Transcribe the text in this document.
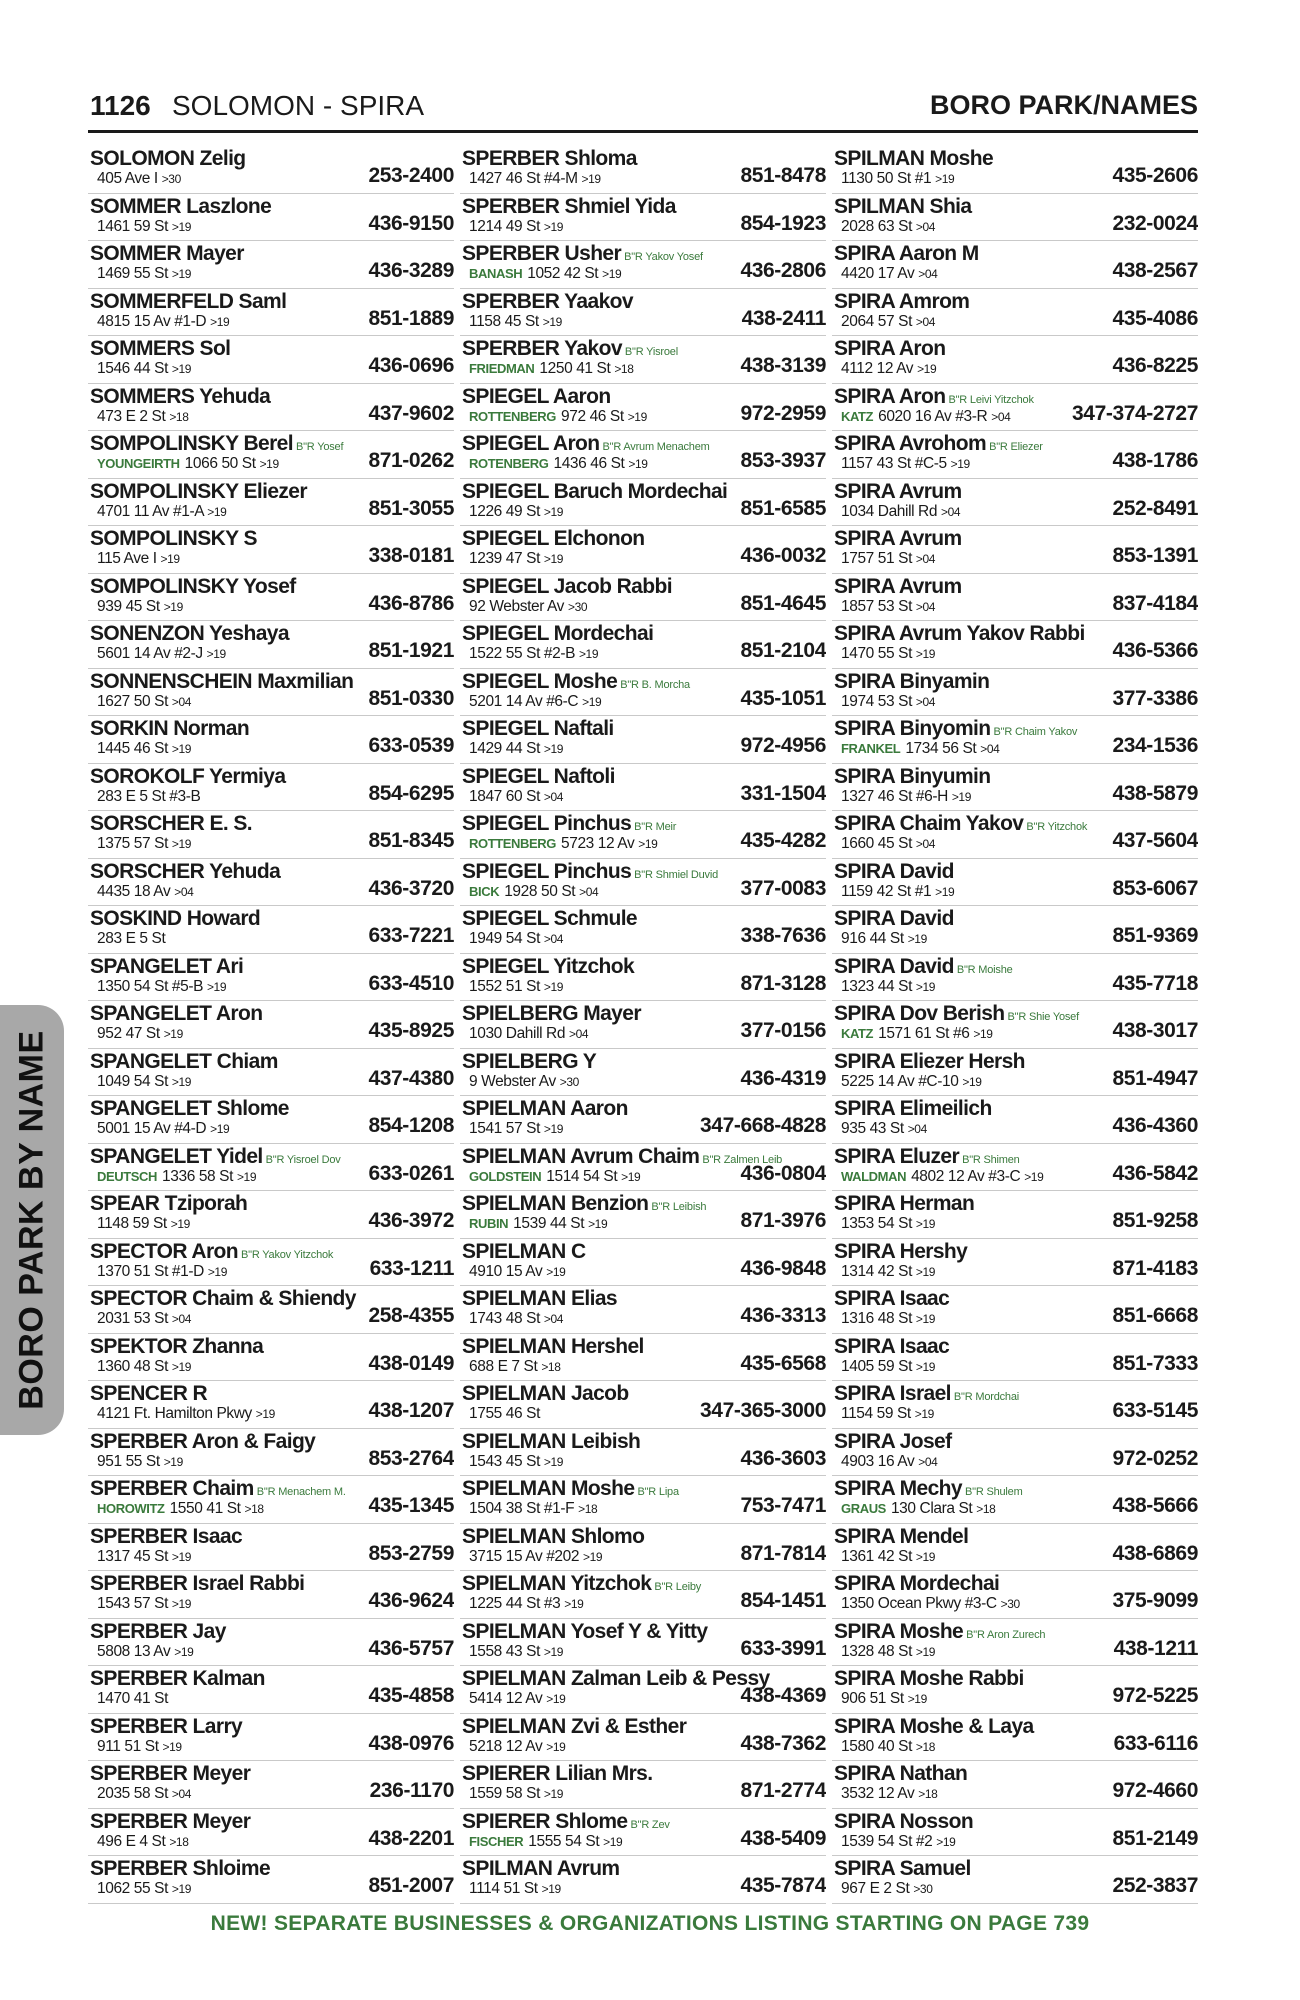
1126 SOLOMON - SPIRA	BORO PARK/NAMES
SOLOMON Zelig
405 Ave I >30	253-2400
SOMMER Laszlone
1461 59 St >19	436-9150
SOMMER Mayer
1469 55 St >19	436-3289
SOMMERFELD Saml
4815 15 Av #1-D >19	851-1889
SOMMERS Sol
1546 44 St >19	436-0696
SOMMERS Yehuda
473 E 2 St >18	437-9602
SOMPOLINSKY Berel B"R Yosef
YOUNGEIRTH 1066 50 St >19	871-0262
SOMPOLINSKY Eliezer
4701 11 Av #1-A >19	851-3055
SOMPOLINSKY S
115 Ave I >19	338-0181
SOMPOLINSKY Yosef
939 45 St >19	436-8786
SONENZON Yeshaya
5601 14 Av #2-J >19	851-1921
SONNENSCHEIN Maxmilian
1627 50 St >04	851-0330
SORKIN Norman
1445 46 St >19	633-0539
SOROKOLF Yermiya
283 E 5 St #3-B	854-6295
SORSCHER E. S.
1375 57 St >19	851-8345
SORSCHER Yehuda
4435 18 Av >04	436-3720
SOSKIND Howard
283 E 5 St	633-7221
SPANGELET Ari
1350 54 St #5-B >19	633-4510
SPANGELET Aron
952 47 St >19	435-8925
SPANGELET Chiam
1049 54 St >19	437-4380
SPANGELET Shlome
5001 15 Av #4-D >19	854-1208
SPANGELET Yidel B"R Yisroel Dov
DEUTSCH 1336 58 St >19	633-0261
SPEAR Tziporah
1148 59 St >19	436-3972
SPECTOR Aron B"R Yakov Yitzchok
1370 51 St #1-D >19	633-1211
SPECTOR Chaim & Shiendy
2031 53 St >04	258-4355
SPEKTOR Zhanna
1360 48 St >19	438-0149
SPENCER R
4121 Ft. Hamilton Pkwy >19	438-1207
SPERBER Aron & Faigy
951 55 St >19	853-2764
SPERBER Chaim B"R Menachem M.
HOROWITZ 1550 41 St >18	435-1345
SPERBER Isaac
1317 45 St >19	853-2759
SPERBER Israel Rabbi
1543 57 St >19	436-9624
SPERBER Jay
5808 13 Av >19	436-5757
SPERBER Kalman
1470 41 St	435-4858
SPERBER Larry
911 51 St >19	438-0976
SPERBER Meyer
2035 58 St >04	236-1170
SPERBER Meyer
496 E 4 St >18	438-2201
SPERBER Shloime
1062 55 St >19	851-2007
SPERBER Shloma
1427 46 St #4-M >19	851-8478
SPERBER Shmiel Yida
1214 49 St >19	854-1923
SPERBER Usher B"R Yakov Yosef
BANASH 1052 42 St >19	436-2806
SPERBER Yaakov
1158 45 St >19	438-2411
SPERBER Yakov B"R Yisroel
FRIEDMAN 1250 41 St >18	438-3139
SPIEGEL Aaron
ROTTENBERG 972 46 St >19	972-2959
SPIEGEL Aron B"R Avrum Menachem
ROTENBERG 1436 46 St >19	853-3937
SPIEGEL Baruch Mordechai
1226 49 St >19	851-6585
SPIEGEL Elchonon
1239 47 St >19	436-0032
SPIEGEL Jacob Rabbi
92 Webster Av >30	851-4645
SPIEGEL Mordechai
1522 55 St #2-B >19	851-2104
SPIEGEL Moshe B"R B. Morcha
5201 14 Av #6-C >19	435-1051
SPIEGEL Naftali
1429 44 St >19	972-4956
SPIEGEL Naftoli
1847 60 St >04	331-1504
SPIEGEL Pinchus B"R Meir
ROTTENBERG 5723 12 Av >19	435-4282
SPIEGEL Pinchus B"R Shmiel Duvid
BICK 1928 50 St >04	377-0083
SPIEGEL Schmule
1949 54 St >04	338-7636
SPIEGEL Yitzchok
1552 51 St >19	871-3128
SPIELBERG Mayer
1030 Dahill Rd >04	377-0156
SPIELBERG Y
9 Webster Av >30	436-4319
SPIELMAN Aaron
1541 57 St >19	347-668-4828
SPIELMAN Avrum Chaim B"R Zalmen Leib
GOLDSTEIN 1514 54 St >19	436-0804
SPIELMAN Benzion B"R Leibish
RUBIN 1539 44 St >19	871-3976
SPIELMAN C
4910 15 Av >19	436-9848
SPIELMAN Elias
1743 48 St >04	436-3313
SPIELMAN Hershel
688 E 7 St >18	435-6568
SPIELMAN Jacob
1755 46 St	347-365-3000
SPIELMAN Leibish
1543 45 St >19	436-3603
SPIELMAN Moshe B"R Lipa
1504 38 St #1-F >18	753-7471
SPIELMAN Shlomo
3715 15 Av #202 >19	871-7814
SPIELMAN Yitzchok B"R Leiby
1225 44 St #3 >19	854-1451
SPIELMAN Yosef Y & Yitty
1558 43 St >19	633-3991
SPIELMAN Zalman Leib & Pessy
5414 12 Av >19	438-4369
SPIELMAN Zvi & Esther
5218 12 Av >19	438-7362
SPIERER Lilian Mrs.
1559 58 St >19	871-2774
SPIERER Shlome B"R Zev
FISCHER 1555 54 St >19	438-5409
SPILMAN Avrum
1114 51 St >19	435-7874
SPILMAN Moshe
1130 50 St #1 >19	435-2606
SPILMAN Shia
2028 63 St >04	232-0024
SPIRA Aaron M
4420 17 Av >04	438-2567
SPIRA Amrom
2064 57 St >04	435-4086
SPIRA Aron
4112 12 Av >19	436-8225
SPIRA Aron B"R Leivi Yitzchok
KATZ 6020 16 Av #3-R >04	347-374-2727
SPIRA Avrohom B"R Eliezer
1157 43 St #C-5 >19	438-1786
SPIRA Avrum
1034 Dahill Rd >04	252-8491
SPIRA Avrum
1757 51 St >04	853-1391
SPIRA Avrum
1857 53 St >04	837-4184
SPIRA Avrum Yakov Rabbi
1470 55 St >19	436-5366
SPIRA Binyamin
1974 53 St >04	377-3386
SPIRA Binyomin B"R Chaim Yakov
FRANKEL 1734 56 St >04	234-1536
SPIRA Binyumin
1327 46 St #6-H >19	438-5879
SPIRA Chaim Yakov B"R Yitzchok
1660 45 St >04	437-5604
SPIRA David
1159 42 St #1 >19	853-6067
SPIRA David
916 44 St >19	851-9369
SPIRA David B"R Moishe
1323 44 St >19	435-7718
SPIRA Dov Berish B"R Shie Yosef
KATZ 1571 61 St #6 >19	438-3017
SPIRA Eliezer Hersh
5225 14 Av #C-10 >19	851-4947
SPIRA Elimeilich
935 43 St >04	436-4360
SPIRA Eluzer B"R Shimen
WALDMAN 4802 12 Av #3-C >19	436-5842
SPIRA Herman
1353 54 St >19	851-9258
SPIRA Hershy
1314 42 St >19	871-4183
SPIRA Isaac
1316 48 St >19	851-6668
SPIRA Isaac
1405 59 St >19	851-7333
SPIRA Israel B"R Mordchai
1154 59 St >19	633-5145
SPIRA Josef
4903 16 Av >04	972-0252
SPIRA Mechy B"R Shulem
GRAUS 130 Clara St >18	438-5666
SPIRA Mendel
1361 42 St >19	438-6869
SPIRA Mordechai
1350 Ocean Pkwy #3-C >30	375-9099
SPIRA Moshe B"R Aron Zurech
1328 48 St >19	438-1211
SPIRA Moshe Rabbi
906 51 St >19	972-5225
SPIRA Moshe & Laya
1580 40 St >18	633-6116
SPIRA Nathan
3532 12 Av >18	972-4660
SPIRA Nosson
1539 54 St #2 >19	851-2149
SPIRA Samuel
967 E 2 St >30	252-3837
BORO PARK BY NAME
NEW! SEPARATE BUSINESSES & ORGANIZATIONS LISTING STARTING ON PAGE 739
